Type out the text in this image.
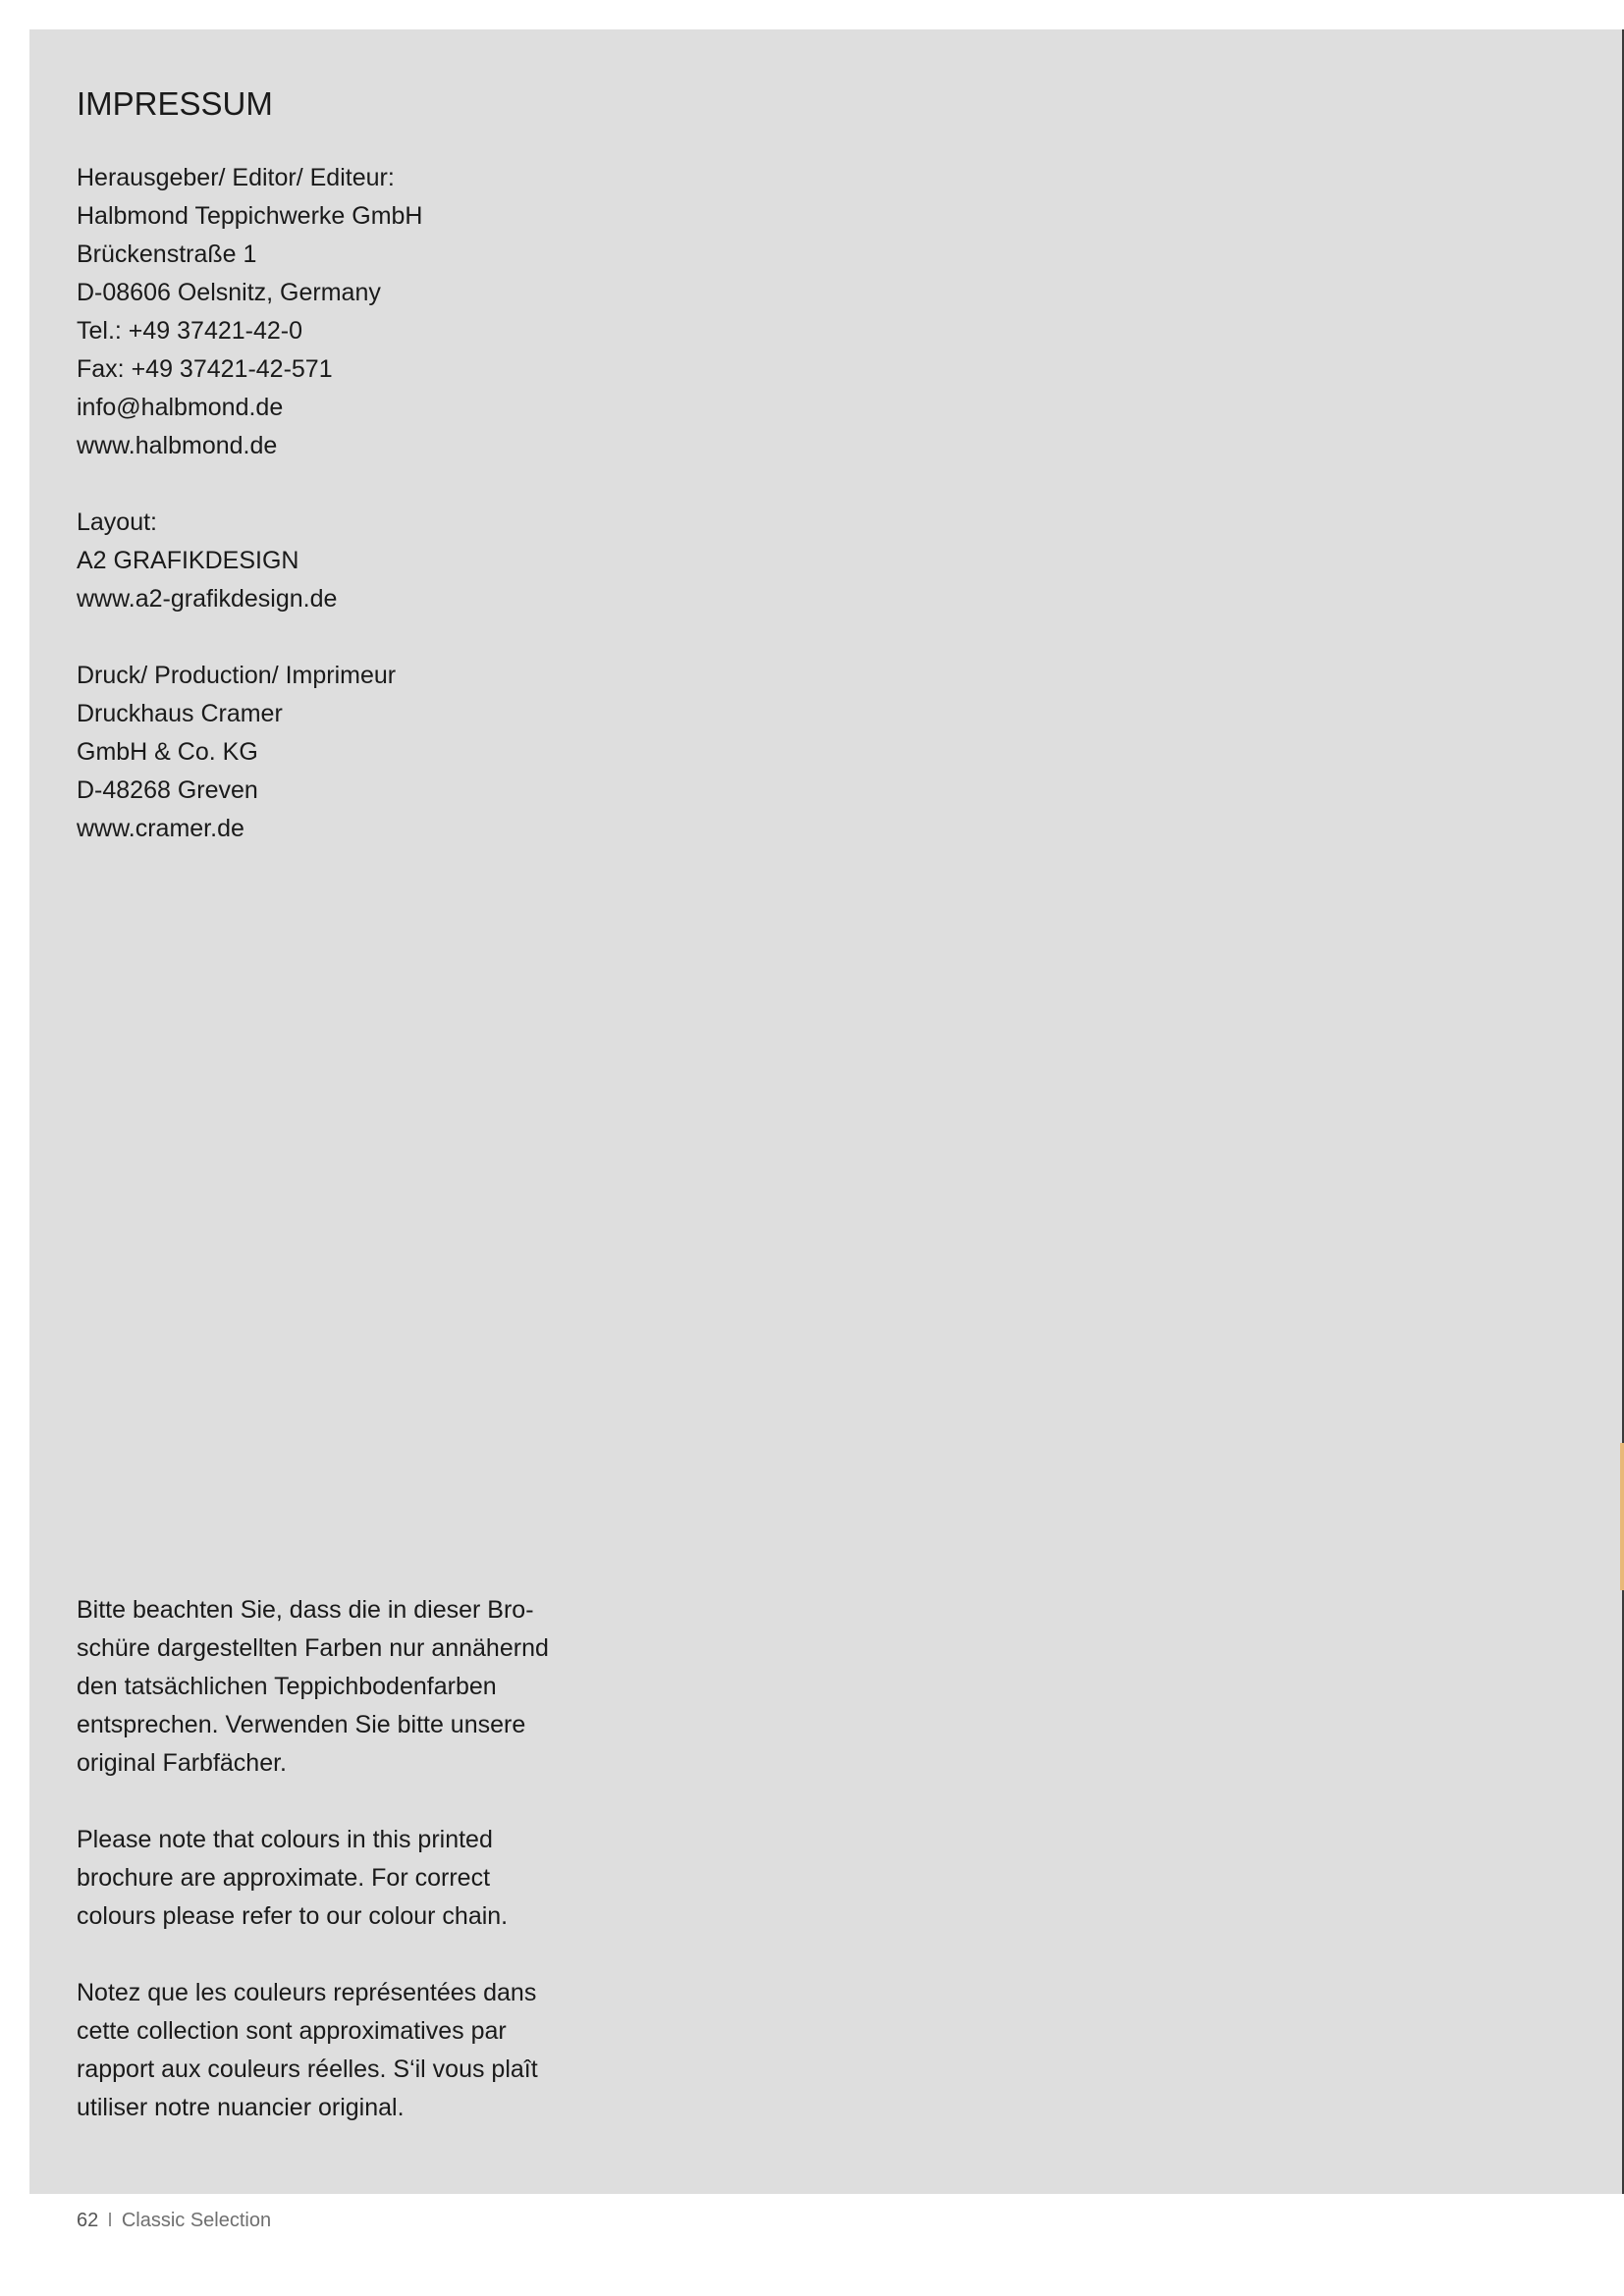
IMPRESSUM
Herausgeber/ Editor/ Editeur:
Halbmond Teppichwerke GmbH
Brückenstraße 1
D-08606 Oelsnitz, Germany
Tel.: +49 37421-42-0
Fax: +49 37421-42-571
info@halbmond.de
www.halbmond.de
Layout:
A2 GRAFIKDESIGN
www.a2-grafikdesign.de
Druck/ Production/ Imprimeur
Druckhaus Cramer
GmbH & Co. KG
D-48268 Greven
www.cramer.de
Bitte beachten Sie, dass die in dieser Bro-
schüre dargestellten Farben nur annähernd
den tatsächlichen Teppichbodenfarben
entsprechen. Verwenden Sie bitte unsere
original Farbfächer.
Please note that colours in this printed
brochure are approximate. For correct
colours please refer to our colour chain.
Notez que les couleurs représentées dans
cette collection sont approximatives par
rapport aux couleurs réelles. S‘il vous plaît
utiliser notre nuancier original.
62 I Classic Selection
